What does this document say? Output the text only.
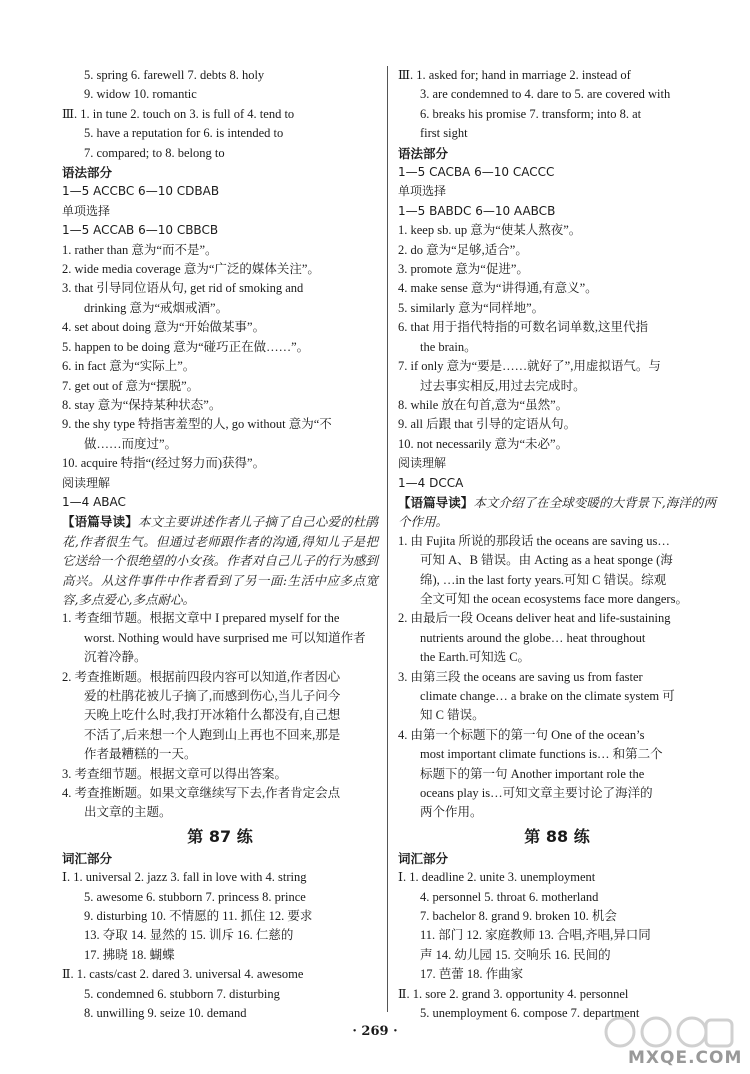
5. spring 6. farewell 7. debts 8. holy

9. widow 10. romantic

Ⅲ. 1. in tune 2. touch on 3. is full of 4. tend to

5. have a reputation for 6. is intended to

7. compared; to 8. belong to

语法部分

1—5 ACCBC 6—10 CDBAB

单项选择

1—5 ACCAB 6—10 CBBCB

1. rather than 意为“而不是”。

2. wide media coverage 意为“广泛的媒体关注”。

3. that 引导同位语从句, get rid of smoking and

drinking 意为“戒烟戒酒”。

4. set about doing 意为“开始做某事”。

5. happen to be doing 意为“碰巧正在做……”。

6. in fact 意为“实际上”。

7. get out of 意为“摆脱”。

8. stay 意为“保持某种状态”。

9. the shy type 特指害羞型的人, go without 意为“不

做……而度过”。

10. acquire 特指“(经过努力而)获得”。

阅读理解

1—4 ABAC

【语篇导读】本文主要讲述作者儿子摘了自己心爱的杜鹃花,作者很生气。但通过老师跟作者的沟通,得知儿子是把它送给一个很绝望的小女孩。作者对自己儿子的行为感到高兴。从这件事件中作者看到了另一面:生活中应多点宽容,多点爱心,多点耐心。

1. 考查细节题。根据文章中 I prepared myself for the

worst. Nothing would have surprised me 可以知道作者

沉着冷静。

2. 考查推断题。根据前四段内容可以知道,作者因心

爱的杜鹃花被儿子摘了,而感到伤心,当儿子问今

天晚上吃什么时,我打开冰箱什么都没有,自己想

不活了,后来想一个人跑到山上再也不回来,那是

作者最糟糕的一天。

3. 考查细节题。根据文章可以得出答案。

4. 考查推断题。如果文章继续写下去,作者肯定会点

出文章的主题。

第 87 练

词汇部分

Ⅰ. 1. universal 2. jazz 3. fall in love with 4. string

5. awesome 6. stubborn 7. princess 8. prince

9. disturbing 10. 不情愿的 11. 抓住 12. 要求

13. 夺取 14. 显然的 15. 训斥 16. 仁慈的

17. 拂晓 18. 蝴蝶

Ⅱ. 1. casts/cast 2. dared 3. universal 4. awesome

5. condemned 6. stubborn 7. disturbing

8. unwilling 9. seize 10. demand

Ⅲ. 1. asked for; hand in marriage 2. instead of

3. are condemned to 4. dare to 5. are covered with

6. breaks his promise 7. transform; into 8. at

first sight

语法部分

1—5 CACBA 6—10 CACCC

单项选择

1—5 BABDC 6—10 AABCB

1. keep sb. up 意为“使某人熬夜”。

2. do 意为“足够,适合”。

3. promote 意为“促进”。

4. make sense 意为“讲得通,有意义”。

5. similarly 意为“同样地”。

6. that 用于指代特指的可数名词单数,这里代指

the brain。

7. if only 意为“要是……就好了”,用虚拟语气。与

过去事实相反,用过去完成时。

8. while 放在句首,意为“虽然”。

9. all 后跟 that 引导的定语从句。

10. not necessarily 意为“未必”。

阅读理解

1—4 DCCA

【语篇导读】本文介绍了在全球变暖的大背景下,海洋的两个作用。

1. 由 Fujita 所说的那段话 the oceans are saving us…

可知 A、B 错误。由 Acting as a heat sponge (海

绵), …in the last forty years.可知 C 错误。综观

全文可知 the ocean ecosystems face more dangers。

2. 由最后一段 Oceans deliver heat and life-sustaining

nutrients around the globe… heat throughout

the Earth.可知选 C。

3. 由第三段 the oceans are saving us from faster

climate change… a brake on the climate system 可

知 C 错误。

4. 由第一个标题下的第一句 One of the ocean’s

most important climate functions is… 和第二个

标题下的第一句 Another important role the

oceans play is…可知文章主要讨论了海洋的

两个作用。

第 88 练

词汇部分

Ⅰ. 1. deadline 2. unite 3. unemployment

4. personnel 5. throat 6. motherland

7. bachelor 8. grand 9. broken 10. 机会

11. 部门 12. 家庭教师 13. 合唱,齐唱,异口同

声 14. 幼儿园 15. 交响乐 16. 民间的

17. 芭蕾 18. 作曲家

Ⅱ. 1. sore 2. grand 3. opportunity 4. personnel

5. unemployment 6. compose 7. department

· 269 ·
MXQE.COM
